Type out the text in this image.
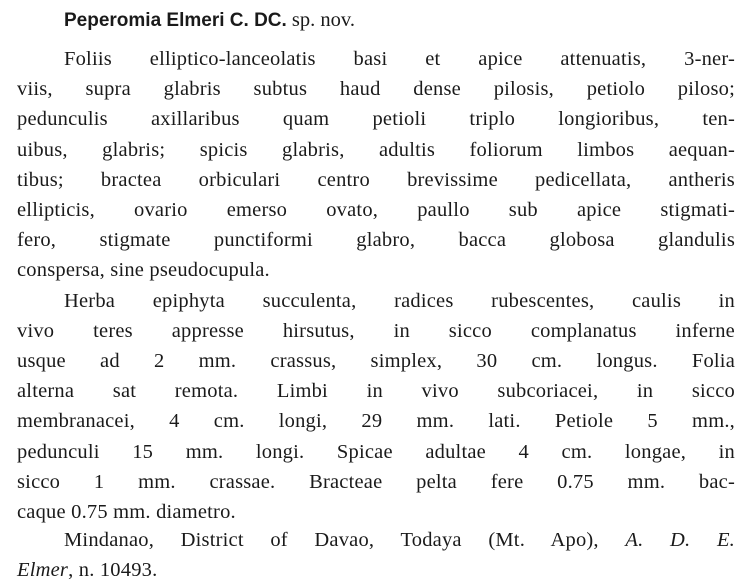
Peperomia Elmeri C. DC. sp. nov.
Foliis elliptico-lanceolatis basi et apice attenuatis, 3-ner-
viis, supra glabris subtus haud dense pilosis, petiolo piloso;
pedunculis axillaribus quam petioli triplo longioribus, ten-
uibus, glabris; spicis glabris, adultis foliorum limbos aequan-
tibus; bractea orbiculari centro brevissime pedicellata, antheris
ellipticis, ovario emerso ovato, paullo sub apice stigmati-
fero, stigmate punctiformi glabro, bacca globosa glandulis
conspersa, sine pseudocupula.
Herba epiphyta succulenta, radices rubescentes, caulis in
vivo teres appresse hirsutus, in sicco complanatus inferne
usque ad 2 mm. crassus, simplex, 30 cm. longus. Folia
alterna sat remota. Limbi in vivo subcoriacei, in sicco
membranacei, 4 cm. longi, 29 mm. lati. Petiole 5 mm.,
pedunculi 15 mm. longi. Spicae adultae 4 cm. longae, in
sicco 1 mm. crassae. Bracteae pelta fere 0.75 mm. bac-
caque 0.75 mm. diametro.
Mindanao, District of Davao, Todaya (Mt. Apo), A. D. E.
Elmer, n. 10493.
